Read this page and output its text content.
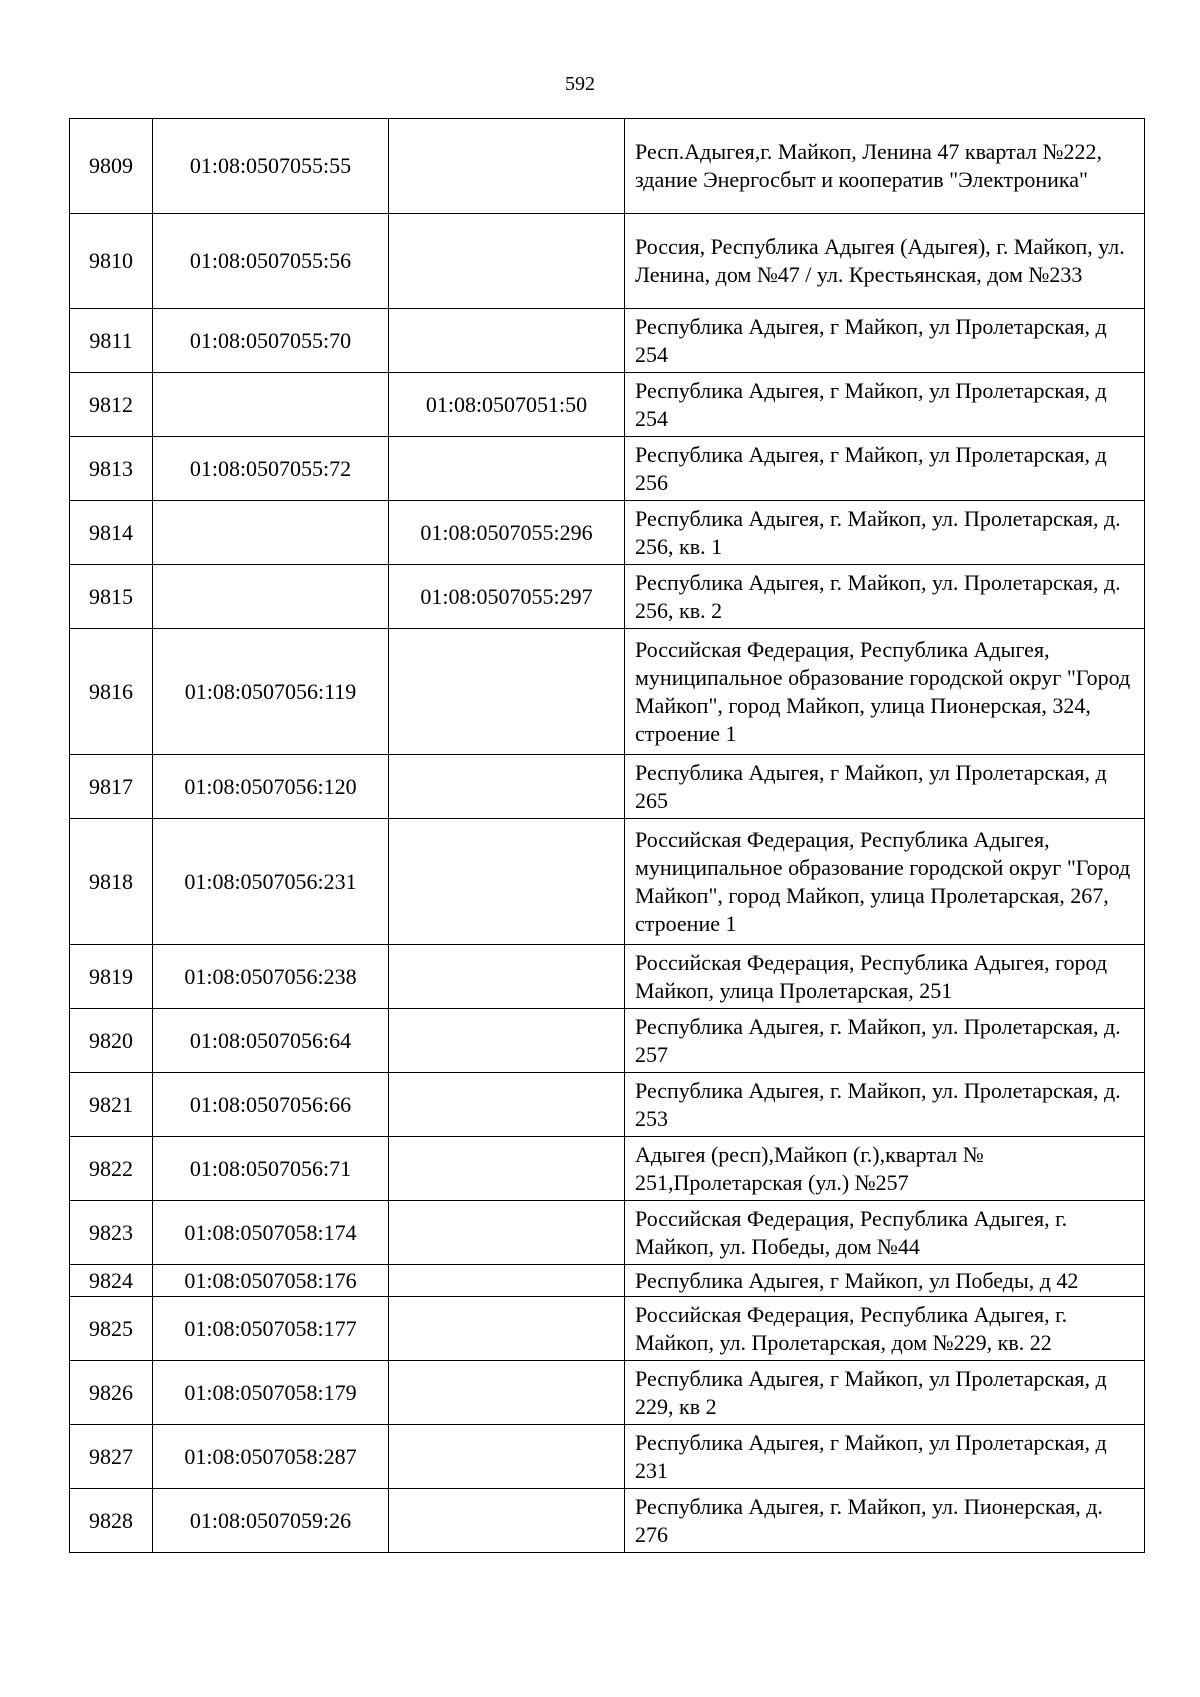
592
9809	01:08:0507055:55		Респ.Адыгея,г. Майкоп, Ленина 47 квартал №222, здание Энергосбыт и кооператив "Электроника"
9810	01:08:0507055:56		Россия, Республика Адыгея (Адыгея), г. Майкоп, ул. Ленина, дом №47 / ул. Крестьянская, дом №233
9811	01:08:0507055:70		Республика Адыгея, г Майкоп, ул Пролетарская, д 254
9812		01:08:0507051:50	Республика Адыгея, г Майкоп, ул Пролетарская, д 254
9813	01:08:0507055:72		Республика Адыгея, г Майкоп, ул Пролетарская, д 256
9814		01:08:0507055:296	Республика Адыгея, г. Майкоп, ул. Пролетарская, д. 256, кв. 1
9815		01:08:0507055:297	Республика Адыгея, г. Майкоп, ул. Пролетарская, д. 256, кв. 2
9816	01:08:0507056:119		Российская Федерация, Республика Адыгея, муниципальное образование городской округ "Город Майкоп", город Майкоп, улица Пионерская, 324, строение 1
9817	01:08:0507056:120		Республика Адыгея, г Майкоп, ул Пролетарская, д 265
9818	01:08:0507056:231		Российская Федерация, Республика Адыгея, муниципальное образование городской округ "Город Майкоп", город Майкоп, улица Пролетарская, 267, строение 1
9819	01:08:0507056:238		Российская Федерация, Республика Адыгея, город Майкоп, улица Пролетарская, 251
9820	01:08:0507056:64		Республика Адыгея, г. Майкоп, ул. Пролетарская, д. 257
9821	01:08:0507056:66		Республика Адыгея, г. Майкоп, ул. Пролетарская, д. 253
9822	01:08:0507056:71		Адыгея (респ),Майкоп (г.),квартал № 251,Пролетарская (ул.) №257
9823	01:08:0507058:174		Российская Федерация, Республика Адыгея, г. Майкоп, ул. Победы, дом №44
9824	01:08:0507058:176		Республика Адыгея, г Майкоп, ул Победы, д 42
9825	01:08:0507058:177		Российская Федерация, Республика Адыгея, г. Майкоп, ул. Пролетарская, дом №229, кв. 22
9826	01:08:0507058:179		Республика Адыгея, г Майкоп, ул Пролетарская, д 229, кв 2
9827	01:08:0507058:287		Республика Адыгея, г Майкоп, ул Пролетарская, д 231
9828	01:08:0507059:26		Республика Адыгея, г. Майкоп, ул. Пионерская, д. 276
